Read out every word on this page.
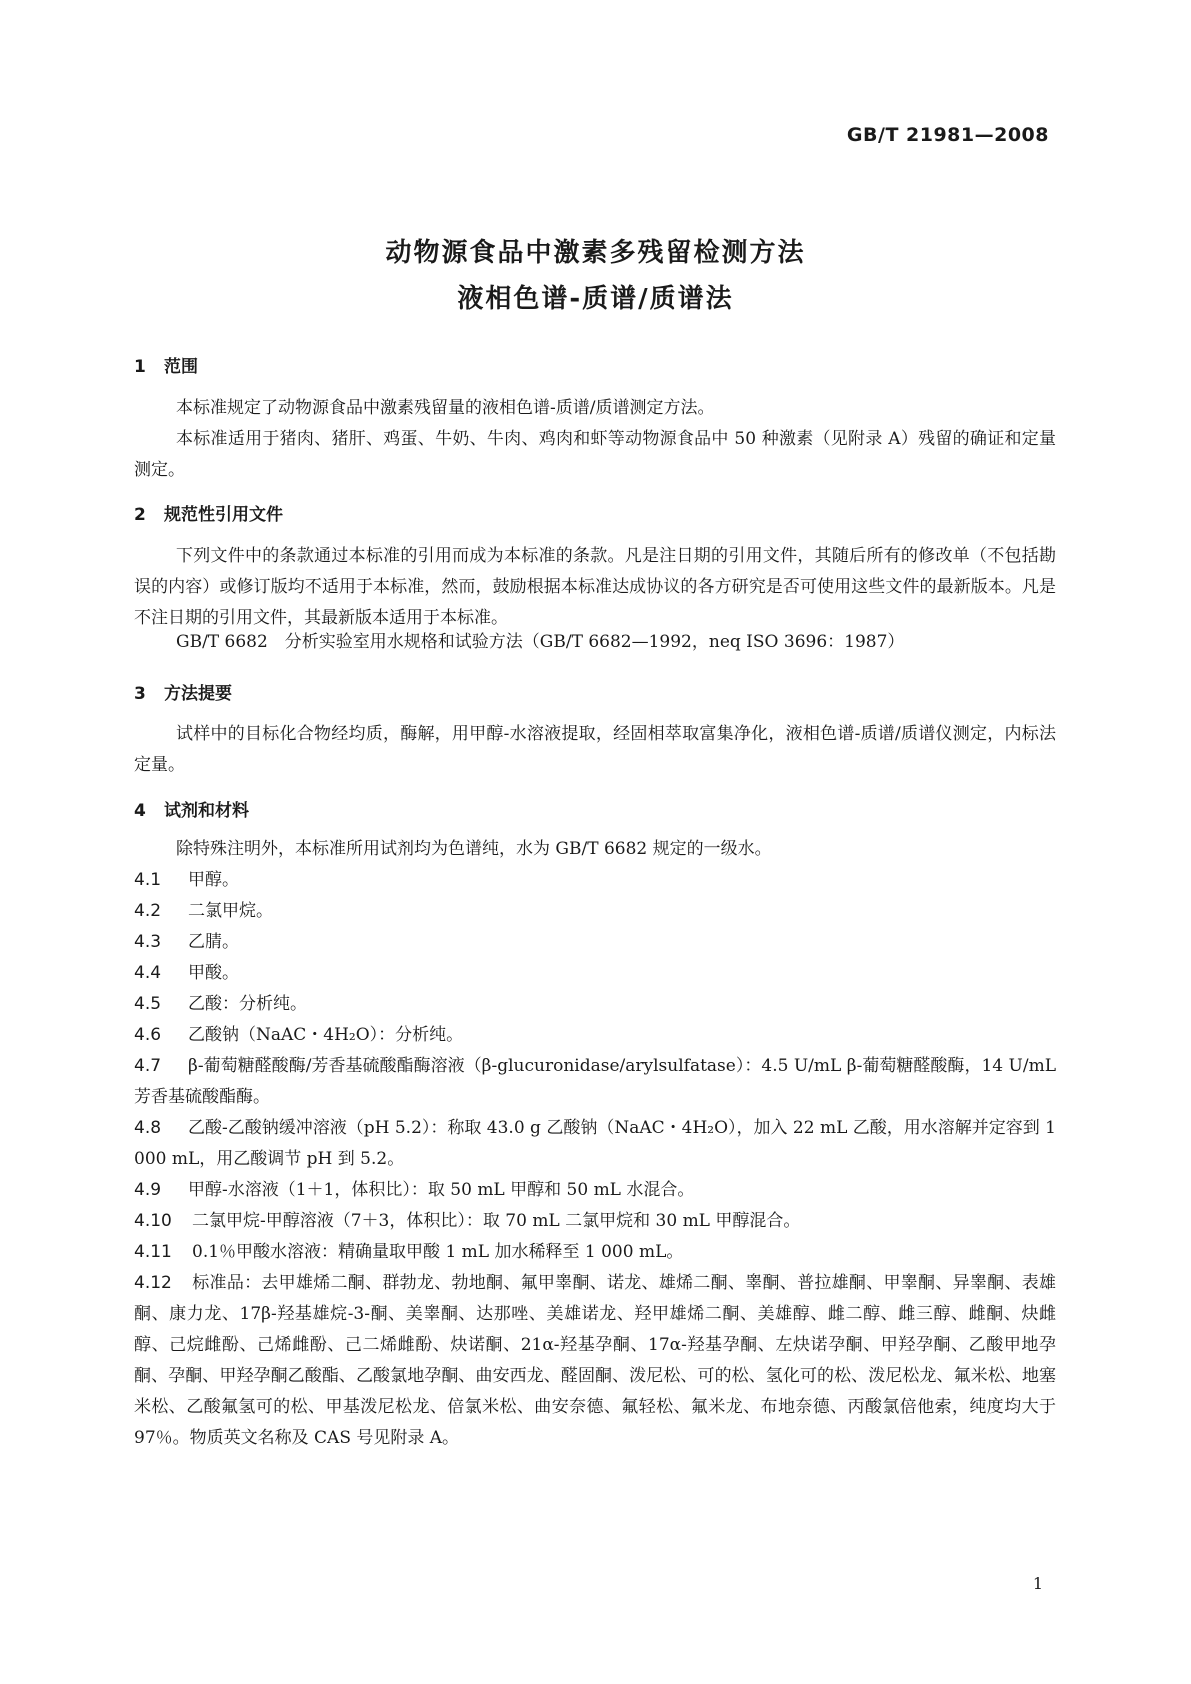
GB/T 21981—2008
动物源食品中激素多残留检测方法
液相色谱-质谱/质谱法
1 范围
本标准规定了动物源食品中激素残留量的液相色谱-质谱/质谱测定方法。
本标准适用于猪肉、猪肝、鸡蛋、牛奶、牛肉、鸡肉和虾等动物源食品中 50 种激素（见附录 A）残留的确证和定量测定。
2 规范性引用文件
下列文件中的条款通过本标准的引用而成为本标准的条款。凡是注日期的引用文件，其随后所有的修改单（不包括勘误的内容）或修订版均不适用于本标准，然而，鼓励根据本标准达成协议的各方研究是否可使用这些文件的最新版本。凡是不注日期的引用文件，其最新版本适用于本标准。
GB/T 6682　分析实验室用水规格和试验方法（GB/T 6682—1992，neq ISO 3696：1987）
3 方法提要
试样中的目标化合物经均质，酶解，用甲醇-水溶液提取，经固相萃取富集净化，液相色谱-质谱/质谱仪测定，内标法定量。
4 试剂和材料
除特殊注明外，本标准所用试剂均为色谱纯，水为 GB/T 6682 规定的一级水。
4.1 甲醇。
4.2 二氯甲烷。
4.3 乙腈。
4.4 甲酸。
4.5 乙酸：分析纯。
4.6 乙酸钠（NaAC・4H₂O）：分析纯。
4.7 β-葡萄糖醛酸酶/芳香基硫酸酯酶溶液（β-glucuronidase/arylsulfatase）：4.5 U/mL β-葡萄糖醛酸酶，14 U/mL 芳香基硫酸酯酶。
4.8 乙酸-乙酸钠缓冲溶液（pH 5.2）：称取 43.0 g 乙酸钠（NaAC・4H₂O），加入 22 mL 乙酸，用水溶解并定容到 1 000 mL，用乙酸调节 pH 到 5.2。
4.9 甲醇-水溶液（1＋1，体积比）：取 50 mL 甲醇和 50 mL 水混合。
4.10 二氯甲烷-甲醇溶液（7＋3，体积比）：取 70 mL 二氯甲烷和 30 mL 甲醇混合。
4.11 0.1％甲酸水溶液：精确量取甲酸 1 mL 加水稀释至 1 000 mL。
4.12 标准品：去甲雄烯二酮、群勃龙、勃地酮、氟甲睾酮、诺龙、雄烯二酮、睾酮、普拉雄酮、甲睾酮、异睾酮、表雄酮、康力龙、17β-羟基雄烷-3-酮、美睾酮、达那唑、美雄诺龙、羟甲雄烯二酮、美雄醇、雌二醇、雌三醇、雌酮、炔雌醇、己烷雌酚、己烯雌酚、己二烯雌酚、炔诺酮、21α-羟基孕酮、17α-羟基孕酮、左炔诺孕酮、甲羟孕酮、乙酸甲地孕酮、孕酮、甲羟孕酮乙酸酯、乙酸氯地孕酮、曲安西龙、醛固酮、泼尼松、可的松、氢化可的松、泼尼松龙、氟米松、地塞米松、乙酸氟氢可的松、甲基泼尼松龙、倍氯米松、曲安奈德、氟轻松、氟米龙、布地奈德、丙酸氯倍他索，纯度均大于 97％。物质英文名称及 CAS 号见附录 A。
1
